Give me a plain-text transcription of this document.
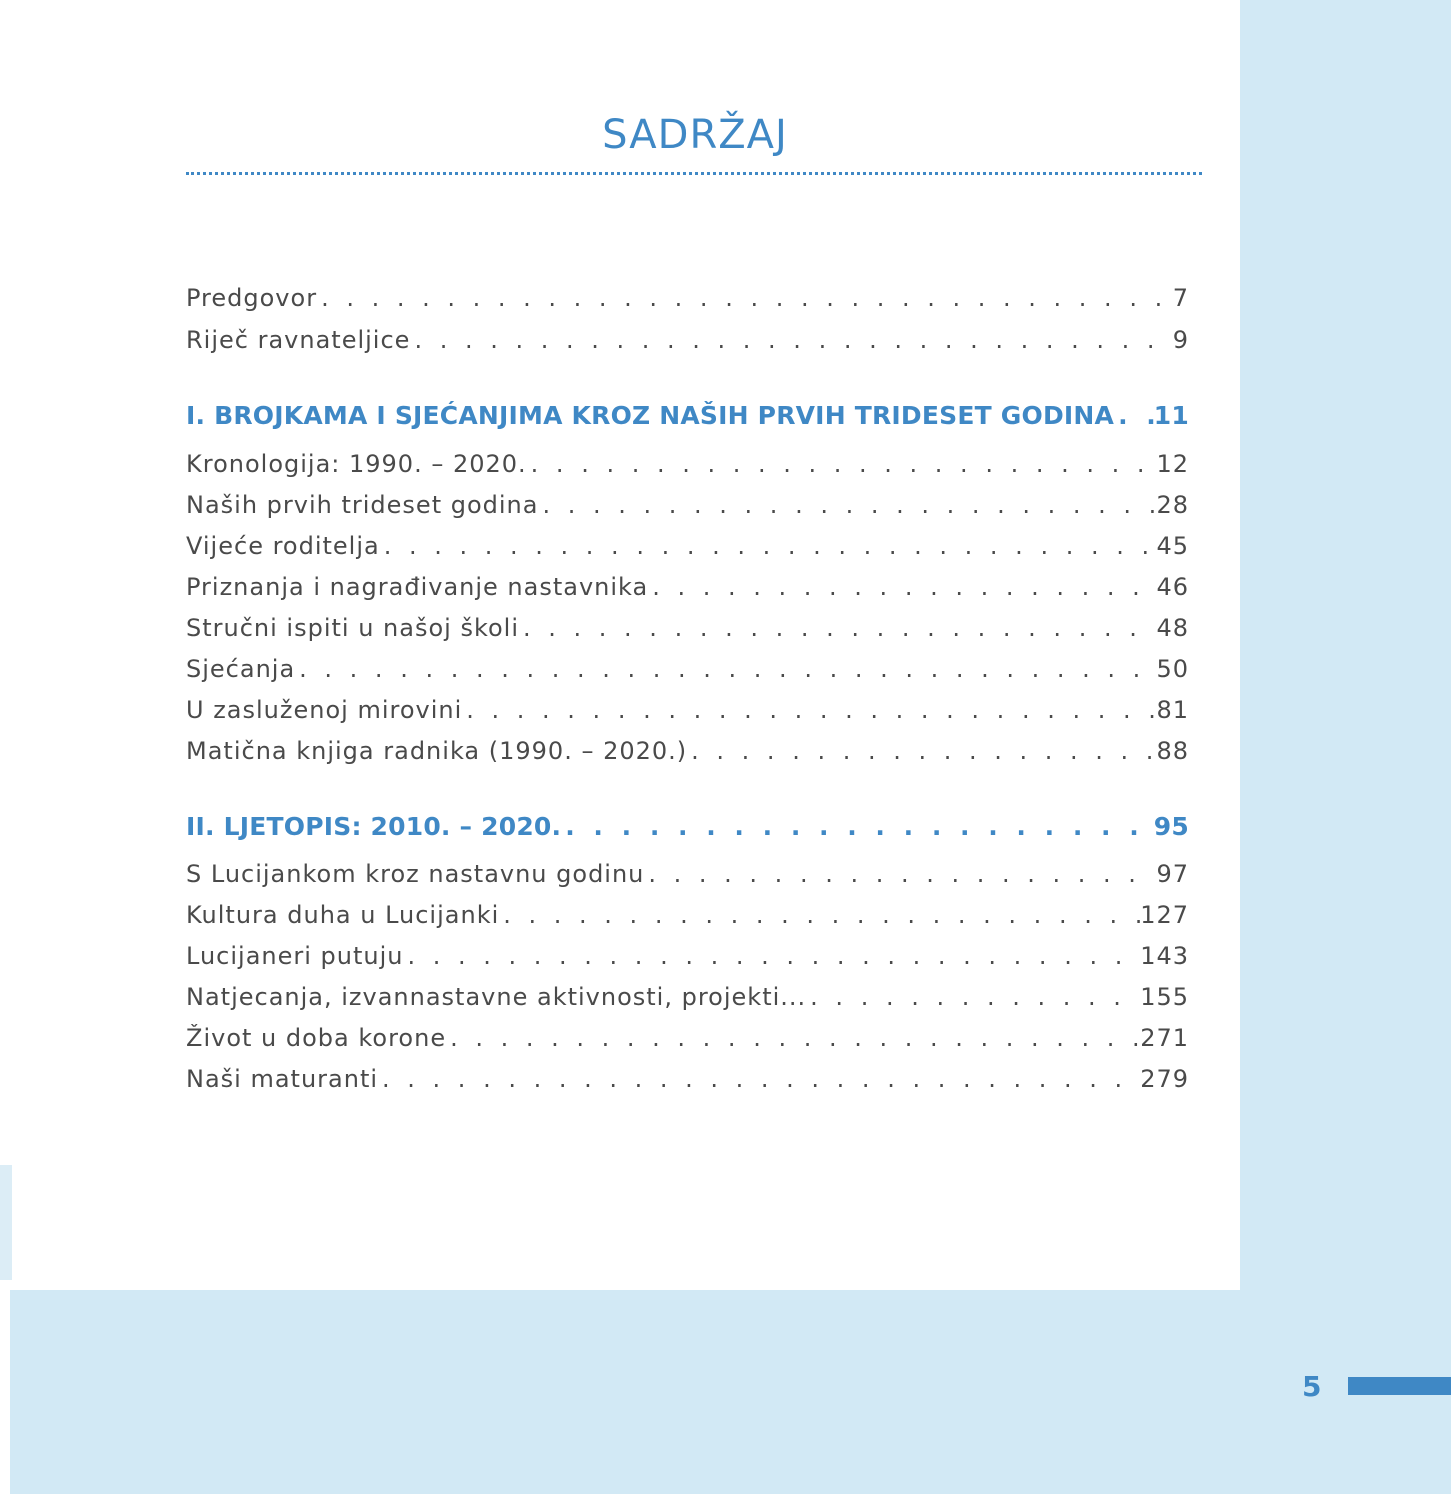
SADRŽAJ
Predgovor . . .	7
Riječ ravnateljice . . .	9
I. BROJKAMA I SJEĆANJIMA KROZ NAŠIH PRVIH TRIDESET GODINA . . . 11
Kronologija: 1990. – 2020. . . .	12
Naših prvih trideset godina . . .	28
Vijeće roditelja . . .	45
Priznanja i nagrađivanje nastavnika . . .	46
Stručni ispiti u našoj školi . . .	48
Sjećanja . . .	50
U zasluženoj mirovini . . .	81
Matična knjiga radnika (1990. – 2020.) . . .	88
II. LJETOPIS: 2010. – 2020. . . .	95
S Lucijankom kroz nastavnu godinu . . .	97
Kultura duha u Lucijanki . . .	127
Lucijaneri putuju . . .	143
Natjecanja, izvannastavne aktivnosti, projekti... . . .	155
Život u doba korone . . .	271
Naši maturanti . . .	279
5
